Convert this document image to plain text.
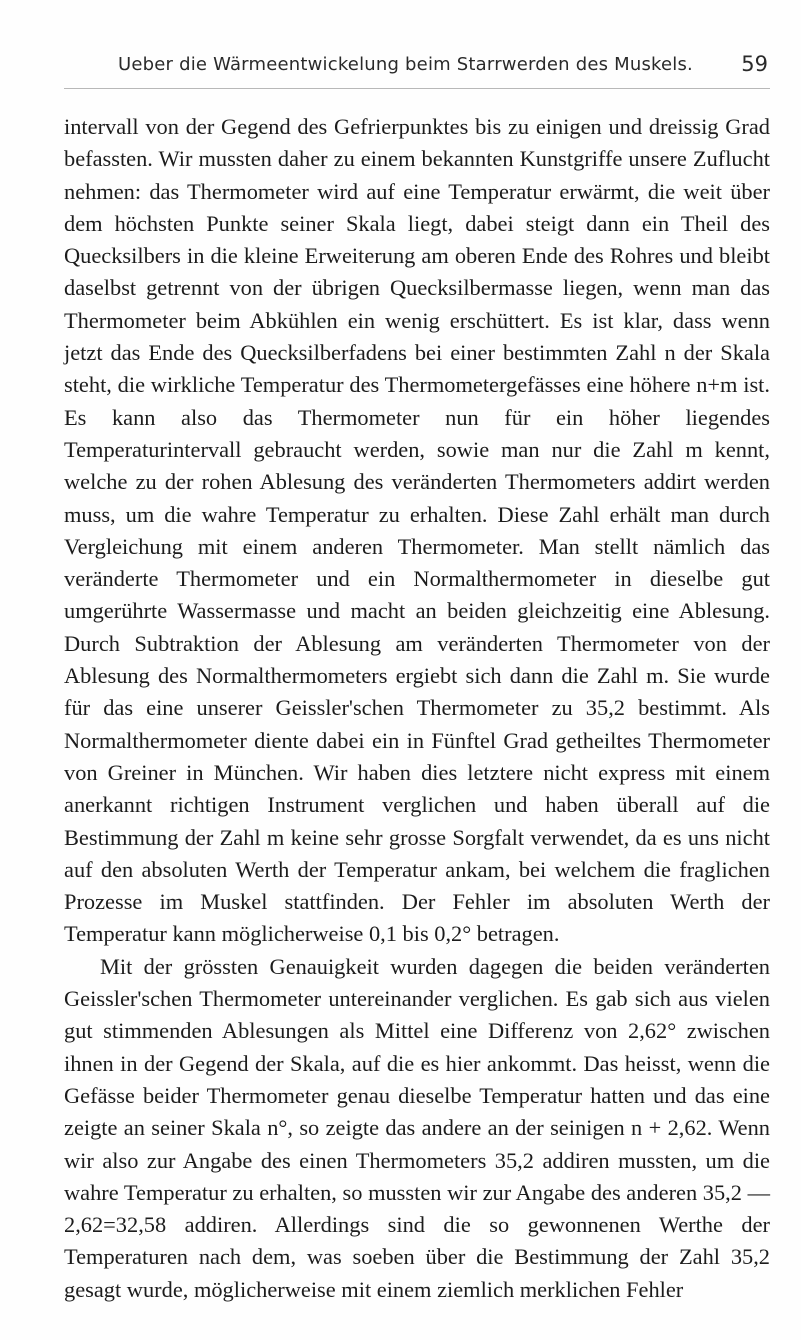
Ueber die Wärmeentwickelung beim Starrwerden des Muskels. 59

intervall von der Gegend des Gefrierpunktes bis zu einigen und dreissig Grad befassten. Wir mussten daher zu einem bekannten Kunstgriffe unsere Zuflucht nehmen: das Thermometer wird auf eine Temperatur erwärmt, die weit über dem höchsten Punkte seiner Skala liegt, dabei steigt dann ein Theil des Quecksilbers in die kleine Erweiterung am oberen Ende des Rohres und bleibt daselbst getrennt von der übrigen Quecksilbermasse liegen, wenn man das Thermometer beim Abkühlen ein wenig erschüttert. Es ist klar, dass wenn jetzt das Ende des Quecksilberfadens bei einer bestimmten Zahl n der Skala steht, die wirkliche Temperatur des Thermometergefässes eine höhere n+m ist. Es kann also das Thermometer nun für ein höher liegendes Temperaturintervall gebraucht werden, sowie man nur die Zahl m kennt, welche zu der rohen Ablesung des veränderten Thermometers addirt werden muss, um die wahre Temperatur zu erhalten. Diese Zahl erhält man durch Vergleichung mit einem anderen Thermometer. Man stellt nämlich das veränderte Thermometer und ein Normalthermometer in dieselbe gut umgerührte Wassermasse und macht an beiden gleichzeitig eine Ablesung. Durch Subtraktion der Ablesung am veränderten Thermometer von der Ablesung des Normalthermometers ergiebt sich dann die Zahl m. Sie wurde für das eine unserer Geissler'schen Thermometer zu 35,2 bestimmt. Als Normalthermometer diente dabei ein in Fünftel Grad getheiltes Thermometer von Greiner in München. Wir haben dies letztere nicht express mit einem anerkannt richtigen Instrument verglichen und haben überall auf die Bestimmung der Zahl m keine sehr grosse Sorgfalt verwendet, da es uns nicht auf den absoluten Werth der Temperatur ankam, bei welchem die fraglichen Prozesse im Muskel stattfinden. Der Fehler im absoluten Werth der Temperatur kann möglicherweise 0,1 bis 0,2° betragen.

Mit der grössten Genauigkeit wurden dagegen die beiden veränderten Geissler'schen Thermometer untereinander verglichen. Es gab sich aus vielen gut stimmenden Ablesungen als Mittel eine Differenz von 2,62° zwischen ihnen in der Gegend der Skala, auf die es hier ankommt. Das heisst, wenn die Gefässe beider Thermometer genau dieselbe Temperatur hatten und das eine zeigte an seiner Skala n°, so zeigte das andere an der seinigen n + 2,62. Wenn wir also zur Angabe des einen Thermometers 35,2 addiren mussten, um die wahre Temperatur zu erhalten, so mussten wir zur Angabe des anderen 35,2 — 2,62=32,58 addiren. Allerdings sind die so gewonnenen Werthe der Temperaturen nach dem, was soeben über die Bestimmung der Zahl 35,2 gesagt wurde, möglicherweise mit einem ziemlich merklichen Fehler
